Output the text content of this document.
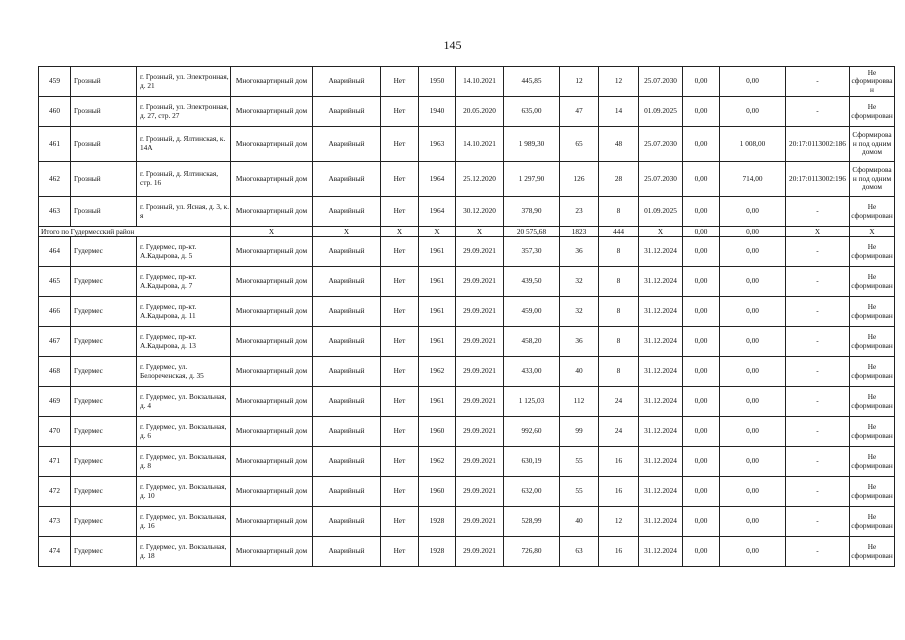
145
459	Грозный	г. Грозный, ул. Электронная, д. 21	Многоквартирный дом	Аварийный	Нет	1950	14.10.2021	445,85	12	12	25.07.2030	0,00	0,00	-	Не сформировван
460	Грозный	г. Грозный, ул. Электронная, д. 27, стр. 27	Многоквартирный дом	Аварийный	Нет	1940	20.05.2020	635,00	47	14	01.09.2025	0,00	0,00	-	Не сформирован
461	Грозный	г. Грозный, д. Ялтинская, к. 14А	Многоквартирный дом	Аварийный	Нет	1963	14.10.2021	1 989,30	65	48	25.07.2030	0,00	1 008,00	20:17:0113002:186	Сформирован под одним домом
462	Грозный	г. Грозный, д. Ялтинская, стр. 16	Многоквартирный дом	Аварийный	Нет	1964	25.12.2020	1 297,90	126	28	25.07.2030	0,00	714,00	20:17:0113002:196	Сформирован под одним домом
463	Грозный	г. Грозный, ул. Ясная, д. 3, к. я	Многоквартирный дом	Аварийный	Нет	1964	30.12.2020	378,90	23	8	01.09.2025	0,00	0,00	-	Не сформирован
Итого по Гудермесский район			X	X	X	X	X	20 575,68	1823	444	X	0,00	0,00	X	X
464	Гудермес	г. Гудермес, пр-кт. А.Кадырова, д. 5	Многоквартирный дом	Аварийный	Нет	1961	29.09.2021	357,30	36	8	31.12.2024	0,00	0,00	-	Не сформирован
465	Гудермес	г. Гудермес, пр-кт. А.Кадырова, д. 7	Многоквартирный дом	Аварийный	Нет	1961	29.09.2021	439,50	32	8	31.12.2024	0,00	0,00	-	Не сформирован
466	Гудермес	г. Гудермес, пр-кт. А.Кадырова, д. 11	Многоквартирный дом	Аварийный	Нет	1961	29.09.2021	459,00	32	8	31.12.2024	0,00	0,00	-	Не сформирован
467	Гудермес	г. Гудермес, пр-кт. А.Кадырова, д. 13	Многоквартирный дом	Аварийный	Нет	1961	29.09.2021	458,20	36	8	31.12.2024	0,00	0,00	-	Не сформирован
468	Гудермес	г. Гудермес, ул. Белореченская, д. 35	Многоквартирный дом	Аварийный	Нет	1962	29.09.2021	433,00	40	8	31.12.2024	0,00	0,00	-	Не сформирован
469	Гудермес	г. Гудермес, ул. Вокзальная, д. 4	Многоквартирный дом	Аварийный	Нет	1961	29.09.2021	1 125,03	112	24	31.12.2024	0,00	0,00	-	Не сформирован
470	Гудермес	г. Гудермес, ул. Вокзальная, д. 6	Многоквартирный дом	Аварийный	Нет	1960	29.09.2021	992,60	99	24	31.12.2024	0,00	0,00	-	Не сформирован
471	Гудермес	г. Гудермес, ул. Вокзальная, д. 8	Многоквартирный дом	Аварийный	Нет	1962	29.09.2021	630,19	55	16	31.12.2024	0,00	0,00	-	Не сформирован
472	Гудермес	г. Гудермес, ул. Вокзальная, д. 10	Многоквартирный дом	Аварийный	Нет	1960	29.09.2021	632,00	55	16	31.12.2024	0,00	0,00	-	Не сформирован
473	Гудермес	г. Гудермес, ул. Вокзальная, д. 16	Многоквартирный дом	Аварийный	Нет	1928	29.09.2021	528,99	40	12	31.12.2024	0,00	0,00	-	Не сформирован
474	Гудермес	г. Гудермес, ул. Вокзальная, д. 18	Многоквартирный дом	Аварийный	Нет	1928	29.09.2021	726,80	63	16	31.12.2024	0,00	0,00	-	Не сформирован
